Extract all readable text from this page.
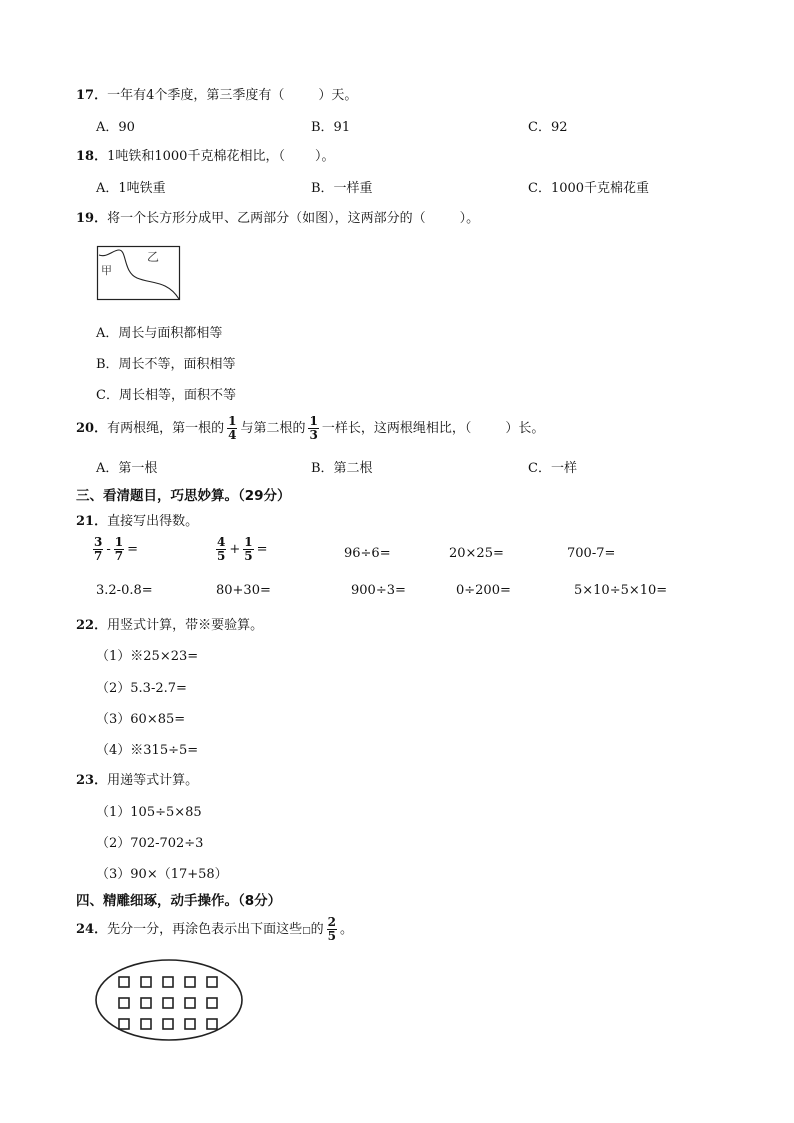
17．一年有4个季度，第三季度有（	）天。
A．90	B．91	C．92
18．1吨铁和1000千克棉花相比，（ ）。
A．1吨铁重	B．一样重	C．1000千克棉花重
19．将一个长方形分成甲、乙两部分（如图），这两部分的（	）。
甲
乙
A．周长与面积都相等
B．周长不等，面积相等
C．周长相等，面积不等
20．有两根绳，第一根的 $\frac{1}{4}$ 与第二根的 $\frac{1}{3}$ 一样长，这两根绳相比，（	）长。
A．第一根	B．第二根	C．一样
三、看清题目，巧思妙算。（29分）
21．直接写出得数。
$\frac{3}{7} - \frac{1}{7}$ =	$\frac{4}{5} + \frac{1}{5}$ =	96÷6=	20×25=	700-7=
3.2-0.8=	80+30=	900÷3=	0÷200=	5×10÷5×10=
22．用竖式计算，带※要验算。
（1）※25×23=
（2）5.3-2.7=
（3）60×85=
（4）※315÷5=
23．用递等式计算。
（1）105÷5×85
（2）702-702÷3
（3）90×（17+58）
四、精雕细琢，动手操作。（8分）
24．先分一分，再涂色表示出下面这些□的 $\frac{2}{5}$ 。
